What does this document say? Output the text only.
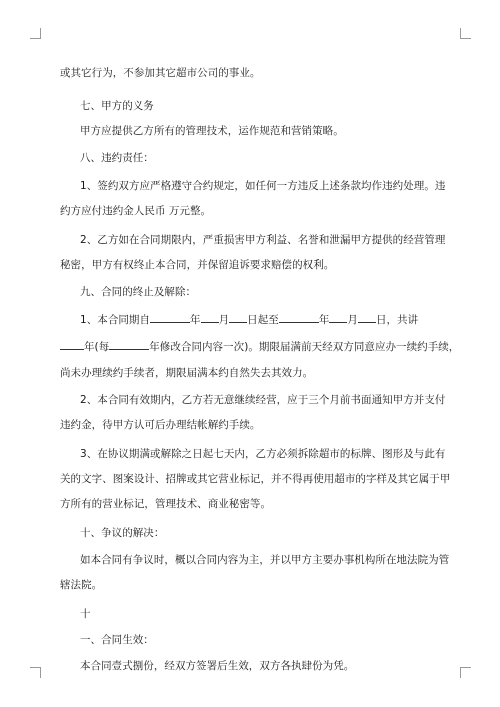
或其它行为，不参加其它超市公司的事业。
七、甲方的义务
甲方应提供乙方所有的管理技术，运作规范和营销策略。
八、违约责任：
1、签约双方应严格遵守合约规定，如任何一方违反上述条款均作违约处理。违
约方应付违约金人民币 万元整。
2、乙方如在合同期限内，严重损害甲方利益、名誉和泄漏甲方提供的经营管理
秘密，甲方有权终止本合同，并保留追诉要求赔偿的权利。
九、合同的终止及解除：
1、本合同期自	年 月 日起至	年 月 日，共讲
年(每	年修改合同内容一次)。期限届满前天经双方同意应办一续约手续，
尚未办理续约手续者，期限届满本约自然失去其效力。
2、本合同有效期内，乙方若无意继续经营，应于三个月前书面通知甲方并支付
违约金，待甲方认可后办理结帐解约手续。
3、在协议期满或解除之日起七天内，乙方必须拆除超市的标牌、图形及与此有
关的文字、图案设计、招牌或其它营业标记，并不得再使用超市的字样及其它属于甲
方所有的营业标记，管理技术、商业秘密等。
十、争议的解决：
如本合同有争议时，概以合同内容为主，并以甲方主要办事机构所在地法院为管
辖法院。
十
一、合同生效：
本合同壹式捌份，经双方签署后生效，双方各执肆份为凭。
